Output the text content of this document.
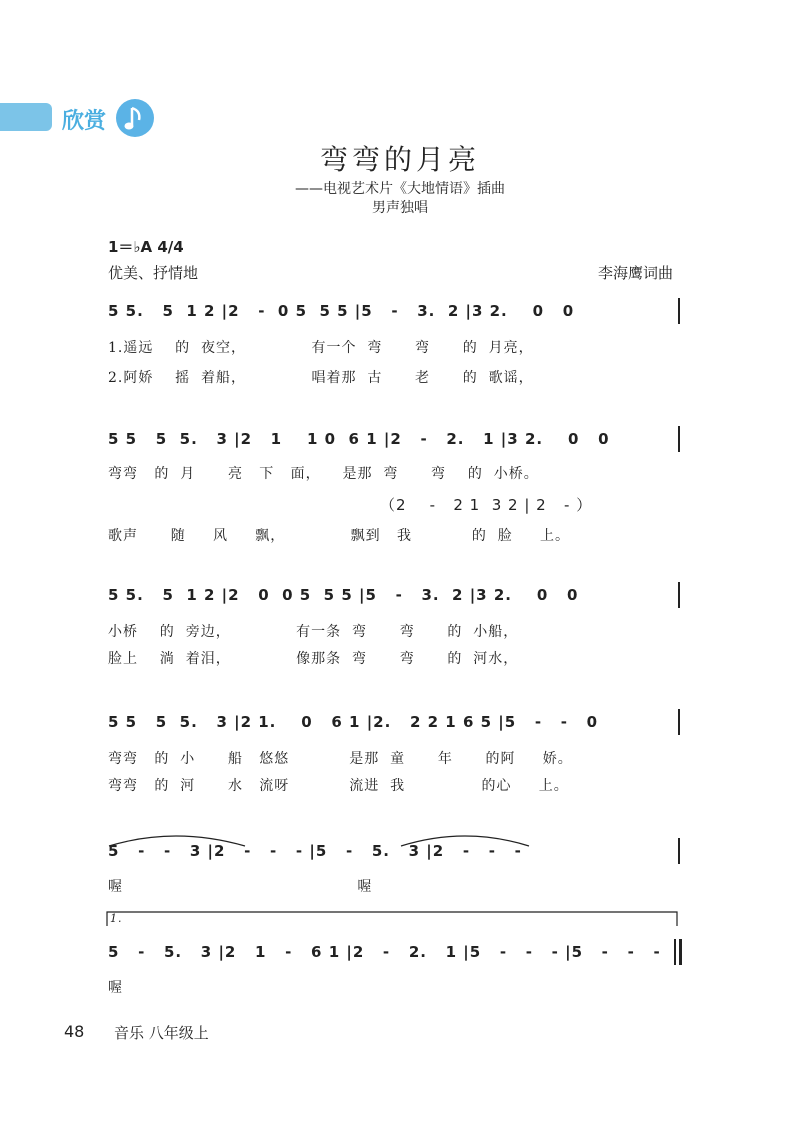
欣赏
弯弯的月亮
——电视艺术片《大地情语》插曲
男声独唱
1＝♭A 4/4
优美、抒情地	李海鹰词曲
5 5.   5  1 2 |2   -  0 5  5 5 |5   -   3.  2 |3 2.    0   0
1.遥远    的  夜空，            有一个  弯      弯      的  月亮，
2.阿娇    摇  着船，            唱着那  古      老      的  歌谣，
5 5   5  5.   3 |2   1    1 0  6 1 |2   -   2.   1 |3 2.    0   0
弯弯   的  月      亮   下   面，    是那  弯      弯    的  小桥。
（2    -   2 1  3 2 | 2   - ）
歌声      随     风     飘，            飘到   我           的  脸     上。
5 5.   5  1 2 |2   0  0 5  5 5 |5   -   3.  2 |3 2.    0   0
小桥    的  旁边，            有一条  弯      弯      的  小船，
脸上    淌  着泪，            像那条  弯      弯      的  河水，
5 5   5  5.   3 |2 1.    0   6 1 |2.   2 2 1 6 5 |5   -   -   0
弯弯   的  小      船   悠悠           是那  童      年      的阿     娇。
弯弯   的  河      水   流呀           流进  我              的心     上。
5   -   -   3 |2   -   -   - |5   -   5.   3 |2   -   -   -
喔                                           喔
1.
5   -   5.   3 |2   1   -   6 1 |2   -   2.   1 |5   -   -   - |5   -   -   -
喔
48 音乐 八年级上
